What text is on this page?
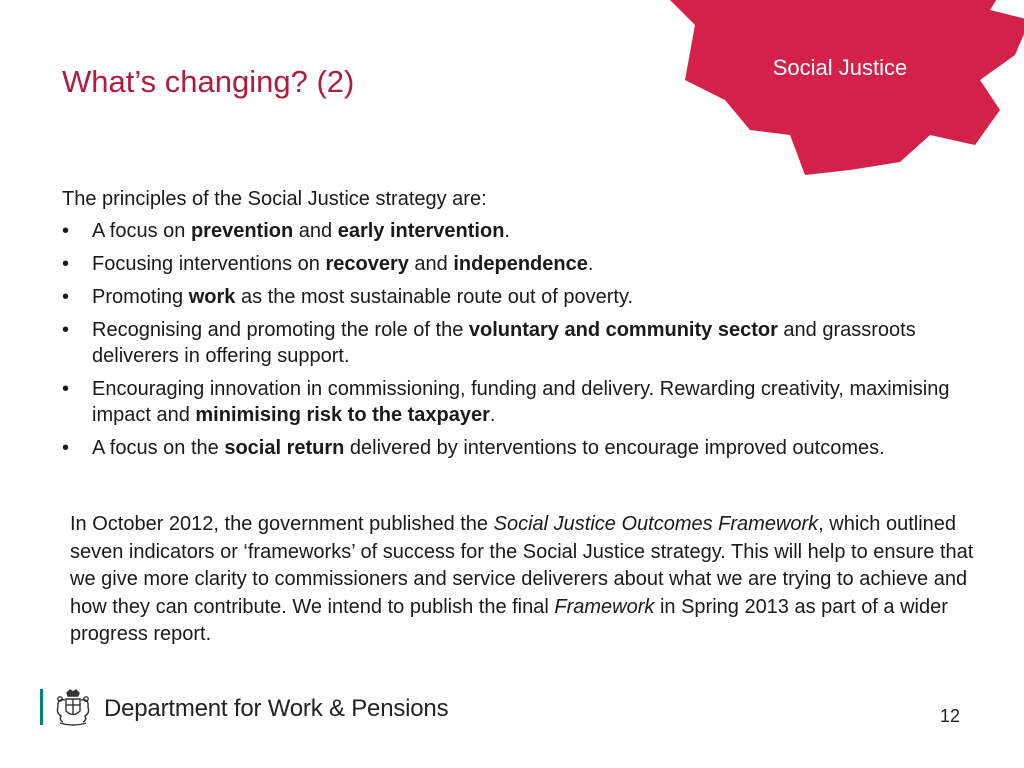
Social Justice
What’s changing? (2)
The principles of the Social Justice strategy are:
• A focus on prevention and early intervention.
• Focusing interventions on recovery and independence.
• Promoting work as the most sustainable route out of poverty.
• Recognising and promoting the role of the voluntary and community sector and grassroots deliverers in offering support.
• Encouraging innovation in commissioning, funding and delivery. Rewarding creativity, maximising impact and minimising risk to the taxpayer.
• A focus on the social return delivered by interventions to encourage improved outcomes.
In October 2012, the government published the Social Justice Outcomes Framework, which outlined seven indicators or ‘frameworks’ of success for the Social Justice strategy. This will help to ensure that we give more clarity to commissioners and service deliverers about what we are trying to achieve and how they can contribute. We intend to publish the final Framework in Spring 2013 as part of a wider progress report.
Department for Work & Pensions	12
